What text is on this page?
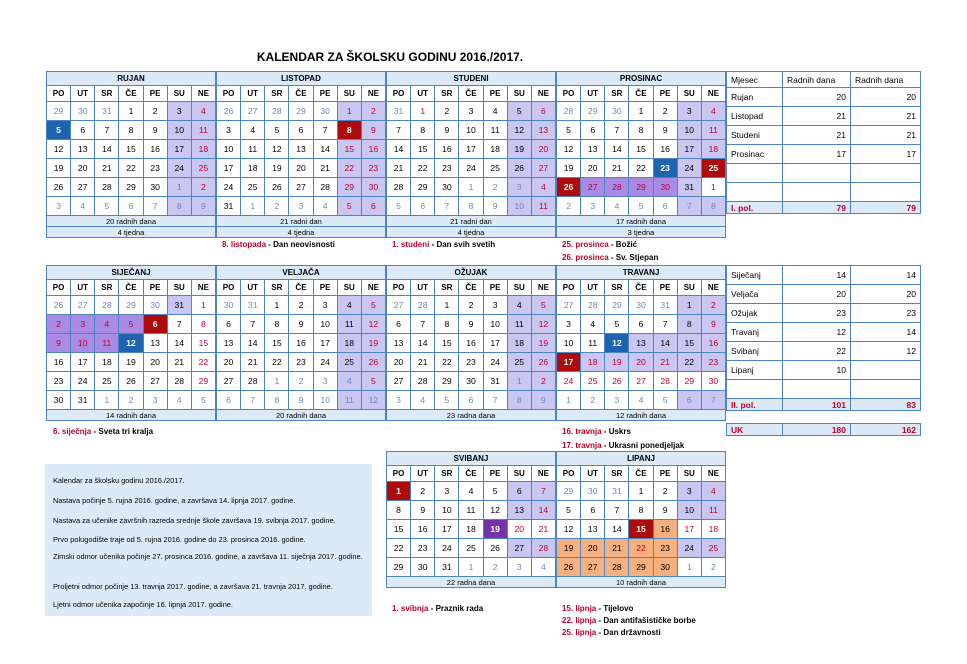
KALENDAR ZA ŠKOLSKU GODINU 2016./2017.
RUJAN						
PO	UT	SR	ČE	PE	SU	NE
29	30	31	1	2	3	4
5	6	7	8	9	10	11
12	13	14	15	16	17	18
19	20	21	22	23	24	25
26	27	28	29	30	1	2
3	4	5	6	7	8	9
20 radnih dana						
4 tjedna						
LISTOPAD						
PO	UT	SR	ČE	PE	SU	NE
26	27	28	29	30	1	2
3	4	5	6	7	8	9
10	11	12	13	14	15	16
17	18	19	20	21	22	23
24	25	26	27	28	29	30
31	1	2	3	4	5	6
21 radni dan						
4 tjedna						
STUDENI						
PO	UT	SR	ČE	PE	SU	NE
31	1	2	3	4	5	6
7	8	9	10	11	12	13
14	15	16	17	18	19	20
21	22	23	24	25	26	27
28	29	30	1	2	3	4
5	6	7	8	9	10	11
21 radni dan						
4 tjedna						
PROSINAC						
PO	UT	SR	ČE	PE	SU	NE
28	29	30	1	2	3	4
5	6	7	8	9	10	11
12	13	14	15	16	17	18
19	20	21	22	23	24	25
26	27	28	29	30	31	1
2	3	4	5	6	7	8
17 radnih dana						
3 tjedna						
SIJEČANJ						
PO	UT	SR	ČE	PE	SU	NE
26	27	28	29	30	31	1
2	3	4	5	6	7	8
9	10	11	12	13	14	15
16	17	18	19	20	21	22
23	24	25	26	27	28	29
30	31	1	2	3	4	5
14 radnih dana						
VELJAČA						
PO	UT	SR	ČE	PE	SU	NE
30	31	1	2	3	4	5
6	7	8	9	10	11	12
13	14	15	16	17	18	19
20	21	22	23	24	25	26
27	28	1	2	3	4	5
6	7	8	9	10	11	12
20 radnih dana						
OŽUJAK						
PO	UT	SR	ČE	PE	SU	NE
27	28	1	2	3	4	5
6	7	8	9	10	11	12
13	14	15	16	17	18	19
20	21	22	23	24	25	26
27	28	29	30	31	1	2
3	4	5	6	7	8	9
23 radna dana						
TRAVANJ						
PO	UT	SR	ČE	PE	SU	NE
27	28	29	30	31	1	2
3	4	5	6	7	8	9
10	11	12	13	14	15	16
17	18	19	20	21	22	23
24	25	26	27	28	29	30
1	2	3	4	5	6	7
12 radnih dana						
SVIBANJ						
PO	UT	SR	ČE	PE	SU	NE
1	2	3	4	5	6	7
8	9	10	11	12	13	14
15	16	17	18	19	20	21
22	23	24	25	26	27	28
29	30	31	1	2	3	4
22 radna dana						
LIPANJ						
PO	UT	SR	ČE	PE	SU	NE
29	30	31	1	2	3	4
5	6	7	8	9	10	11
12	13	14	15	16	17	18
19	20	21	22	23	24	25
26	27	28	29	30	1	2
10 radnih dana						
8. listopada - Dan neovisnosti	1. studeni - Dan svih svetih	25. prosinca - Božić
26. prosinca - Sv. Stjepan
6. siječnja - Sveta tri kralja	16. travnja - Uskrs
17. travnja - Ukrasni ponedjeljak
1. svibnja - Praznik rada	15. lipnja - Tijelovo
22. lipnja - Dan antifašističke borbe
25. lipnja - Dan državnosti
Mjesec	Radnih dana	Radnih dana
Rujan	20	20
Listopad	21	21
Studeni	21	21
Prosinac	17	17

I. pol.	79	79
Siječanj	14	14
Veljača	20	20
Ožujak	23	23
Travanj	12	14
Svibanj	22	12
Lipanj	10	

II. pol.	101	83
UK	180	162

Kalendar za školsku godinu 2016./2017.

Nastava počinje 5. rujna 2016. godine, a završava 14. lipnja 2017. godine.

Nastava za učenike završnih razreda srednje škole završava 19. svibnja 2017. godine.

Prvo polugodište traje od 5. rujna 2016. godine do 23. prosinca 2016. godine.

Zimski odmor učenika počinje 27. prosinca 2016. godine, a završava 11. siječnja 2017. godine.

Proljetni odmor počinje 13. travnja 2017. godine, a završava 21. travnja 2017. godine.

Ljetni odmor učenika započinje 16. lipnja 2017. godine.
